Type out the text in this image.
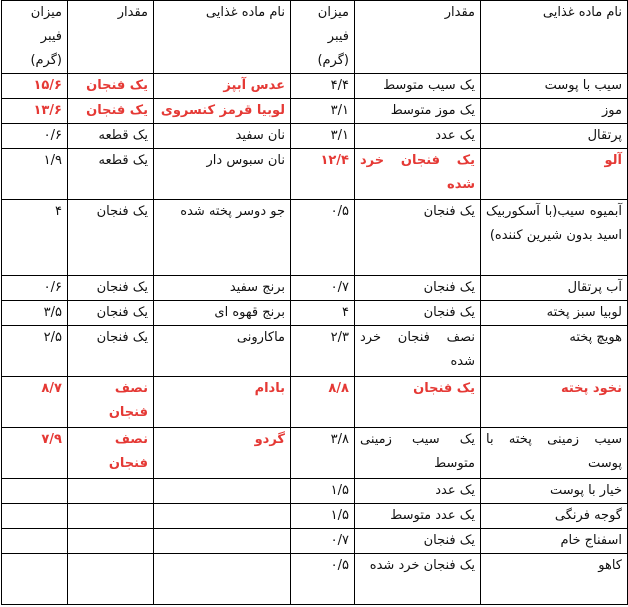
نام ماده غذایی	مقدار	میزان فیبر (گرم)	نام ماده غذایی	مقدار	میزان فیبر (گرم)
سیب با پوست	یک سیب متوسط	۴/۴	عدس آبپز	یک فنجان	۱۵/۶
موز	یک موز متوسط	۳/۱	لوبیا قرمز کنسروی	یک فنجان	۱۳/۶
پرتقال	یک عدد	۳/۱	نان سفید	یک قطعه	۰/۶
آلو	یک فنجان خرد شده	۱۲/۴	نان سبوس دار	یک قطعه	۱/۹
آبمیوه سیب(با آسکوربیک اسید بدون شیرین کننده)	یک فنجان	۰/۵	جو دوسر پخته شده	یک فنجان	۴
آب پرتقال	یک فنجان	۰/۷	برنج سفید	یک فنجان	۰/۶
لوبیا سبز پخته	یک فنجان	۴	برنج قهوه ای	یک فنجان	۳/۵
هویچ پخته	نصف فنجان خرد شده	۲/۳	ماکارونی	یک فنجان	۲/۵
نخود پخته	یک فنجان	۸/۸	بادام	نصف فنجان	۸/۷
سیب زمینی پخته با پوست	یک سیب زمینی متوسط	۳/۸	گردو	نصف فنجان	۷/۹
خیار با پوست	یک عدد	۱/۵			
گوجه فرنگی	یک عدد متوسط	۱/۵			
اسفناج خام	یک فنجان	۰/۷			
کاهو	یک فنجان خرد شده	۰/۵			
